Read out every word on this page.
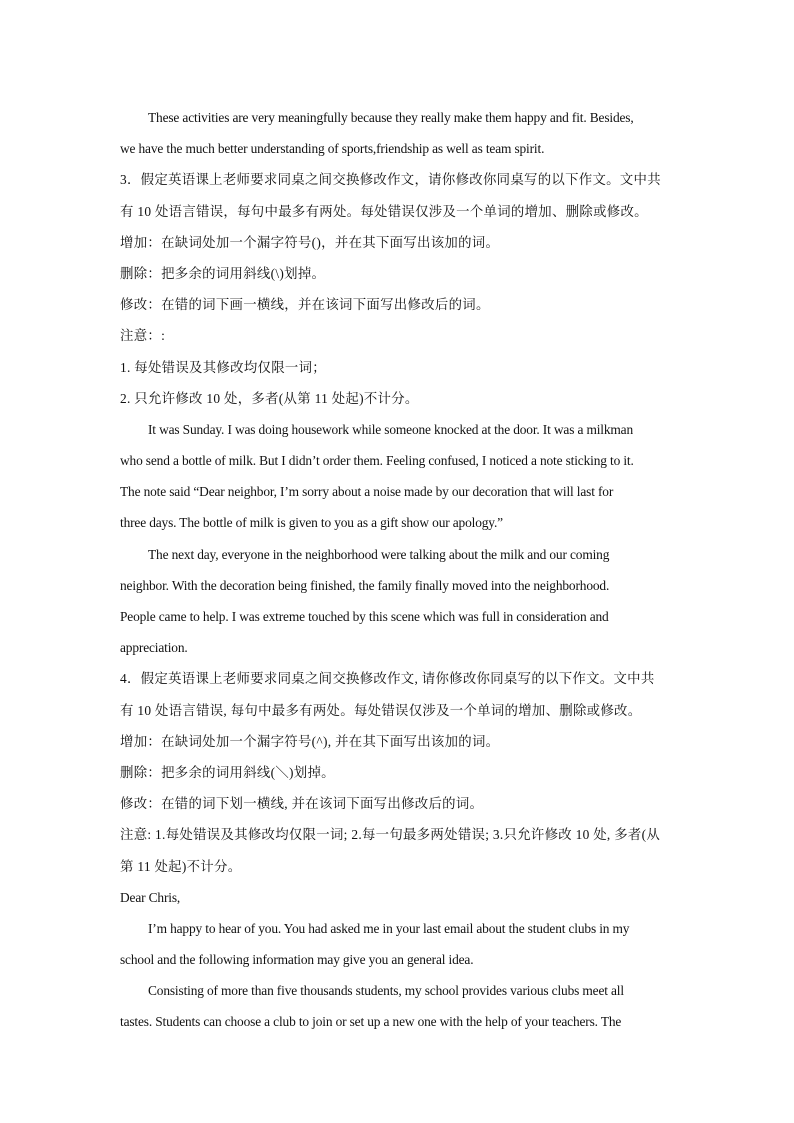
These activities are very meaningfully because they really make them happy and fit. Besides,
we have the much better understanding of sports,friendship as well as team spirit.
3．假定英语课上老师要求同桌之间交换修改作文，请你修改你同桌写的以下作文。文中共
有 10 处语言错误，每句中最多有两处。每处错误仅涉及一个单词的增加、删除或修改。
增加：在缺词处加一个漏字符号()，并在其下面写出该加的词。
删除：把多余的词用斜线(\)划掉。
修改：在错的词下画一横线，并在该词下面写出修改后的词。
注意：:
1. 每处错误及其修改均仅限一词；
2. 只允许修改 10 处，多者(从第 11 处起)不计分。
It was Sunday. I was doing housework while someone knocked at the door. It was a milkman
who send a bottle of milk. But I didn’t order them. Feeling confused, I noticed a note sticking to it.
The note said “Dear neighbor, I’m sorry about a noise made by our decoration that will last for
three days. The bottle of milk is given to you as a gift show our apology.”
The next day, everyone in the neighborhood were talking about the milk and our coming
neighbor. With the decoration being finished, the family finally moved into the neighborhood.
People came to help. I was extreme touched by this scene which was full in consideration and
appreciation.
4．假定英语课上老师要求同桌之间交换修改作文, 请你修改你同桌写的以下作文。文中共
有 10 处语言错误, 每句中最多有两处。每处错误仅涉及一个单词的增加、删除或修改。
增加：在缺词处加一个漏字符号(^), 并在其下面写出该加的词。
删除：把多余的词用斜线(＼)划掉。
修改：在错的词下划一横线, 并在该词下面写出修改后的词。
注意: 1.每处错误及其修改均仅限一词; 2.每一句最多两处错误; 3.只允许修改 10 处, 多者(从
第 11 处起)不计分。
Dear Chris,
I’m happy to hear of you. You had asked me in your last email about the student clubs in my
school and the following information may give you an general idea.
Consisting of more than five thousands students, my school provides various clubs meet all
tastes. Students can choose a club to join or set up a new one with the help of your teachers. The
